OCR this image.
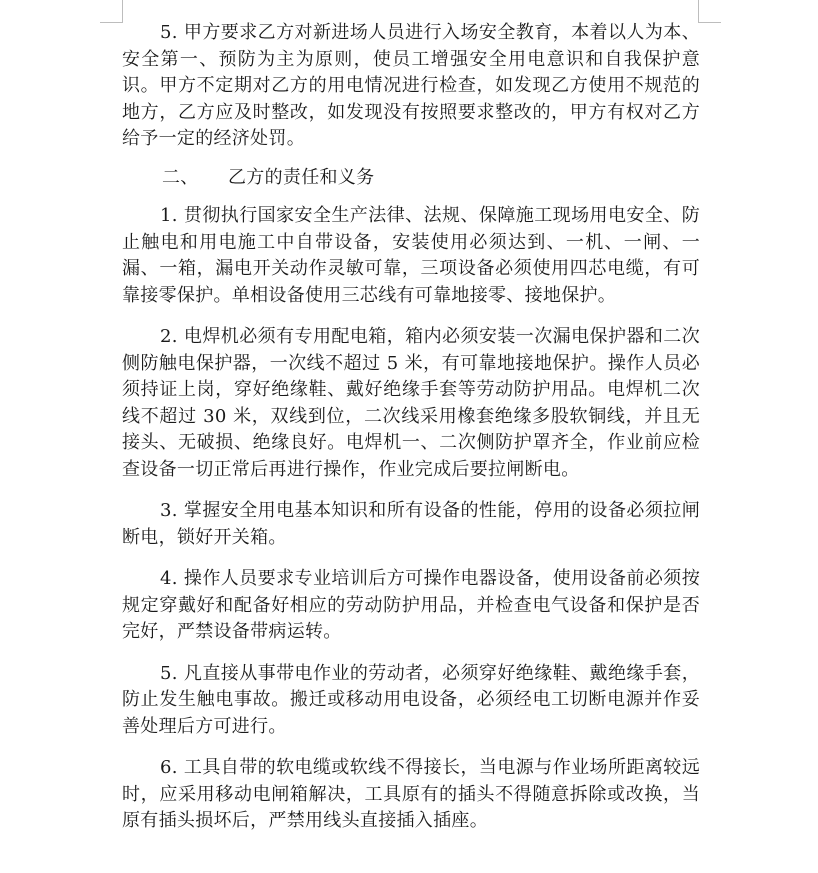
5. 甲方要求乙方对新进场人员进行入场安全教育，本着以人为本、安全第一、预防为主为原则，使员工增强安全用电意识和自我保护意识。甲方不定期对乙方的用电情况进行检查，如发现乙方使用不规范的地方，乙方应及时整改，如发现没有按照要求整改的，甲方有权对乙方给予一定的经济处罚。

二、 乙方的责任和义务

1. 贯彻执行国家安全生产法律、法规、保障施工现场用电安全、防止触电和用电施工中自带设备，安装使用必须达到、一机、一闸、一漏、一箱，漏电开关动作灵敏可靠，三项设备必须使用四芯电缆，有可靠接零保护。单相设备使用三芯线有可靠地接零、接地保护。

2. 电焊机必须有专用配电箱，箱内必须安装一次漏电保护器和二次侧防触电保护器，一次线不超过 5 米，有可靠地接地保护。操作人员必须持证上岗，穿好绝缘鞋、戴好绝缘手套等劳动防护用品。电焊机二次线不超过 30 米，双线到位，二次线采用橡套绝缘多股软铜线，并且无接头、无破损、绝缘良好。电焊机一、二次侧防护罩齐全，作业前应检查设备一切正常后再进行操作，作业完成后要拉闸断电。

3. 掌握安全用电基本知识和所有设备的性能，停用的设备必须拉闸断电，锁好开关箱。

4. 操作人员要求专业培训后方可操作电器设备，使用设备前必须按规定穿戴好和配备好相应的劳动防护用品，并检查电气设备和保护是否完好，严禁设备带病运转。

5. 凡直接从事带电作业的劳动者，必须穿好绝缘鞋、戴绝缘手套，防止发生触电事故。搬迁或移动用电设备，必须经电工切断电源并作妥善处理后方可进行。

6. 工具自带的软电缆或软线不得接长，当电源与作业场所距离较远时，应采用移动电闸箱解决，工具原有的插头不得随意拆除或改换，当原有插头损坏后，严禁用线头直接插入插座。
